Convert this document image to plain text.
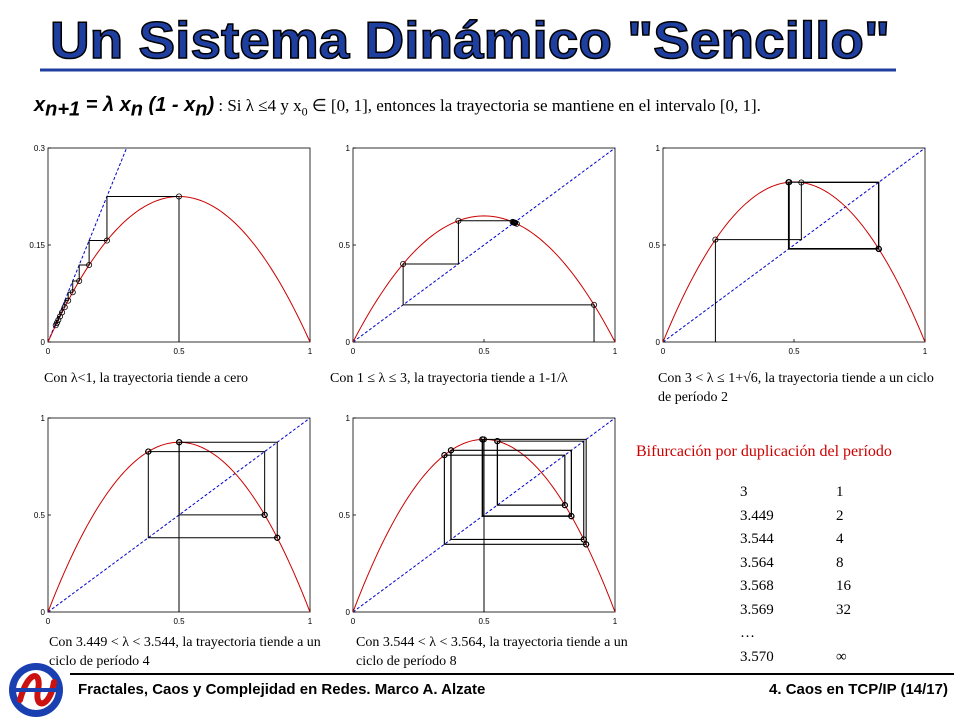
Un Sistema Dinámico "Sencillo"
$x_{n+1} = \lambda$ $x_n$ $(1 - x_n)$ : Si λ ≤4 y $x_0$ ∈ [0, 1], entonces la trayectoria se mantiene en el intervalo [0, 1].
0	0.5	1
0
0.15
0.3
0	0.5	1
0
0.5
1
0	0.5	1
0
0.5
1
0	0.5	1
0
0.5
1
0	0.5	1
0
0.5
1
Con λ<1, la trayectoria tiende a cero	Con 1 ≤ λ ≤ 3, la trayectoria tiende a 1-1/λ	Con 3 < λ ≤ 1+√6, la trayectoria tiende a un ciclo de período 2
Con 3.449 < λ < 3.544, la trayectoria tiende a un ciclo de período 4
Con 3.544 < λ < 3.564, la trayectoria tiende a un ciclo de período 8
Bifurcación por duplicación del período
3	1
3.449	2
3.544	4
3.564	8
3.568	16
3.569	32
…
3.570	∞
Fractales, Caos y Complejidad en Redes. Marco A. Alzate	4. Caos en TCP/IP (14/17)
